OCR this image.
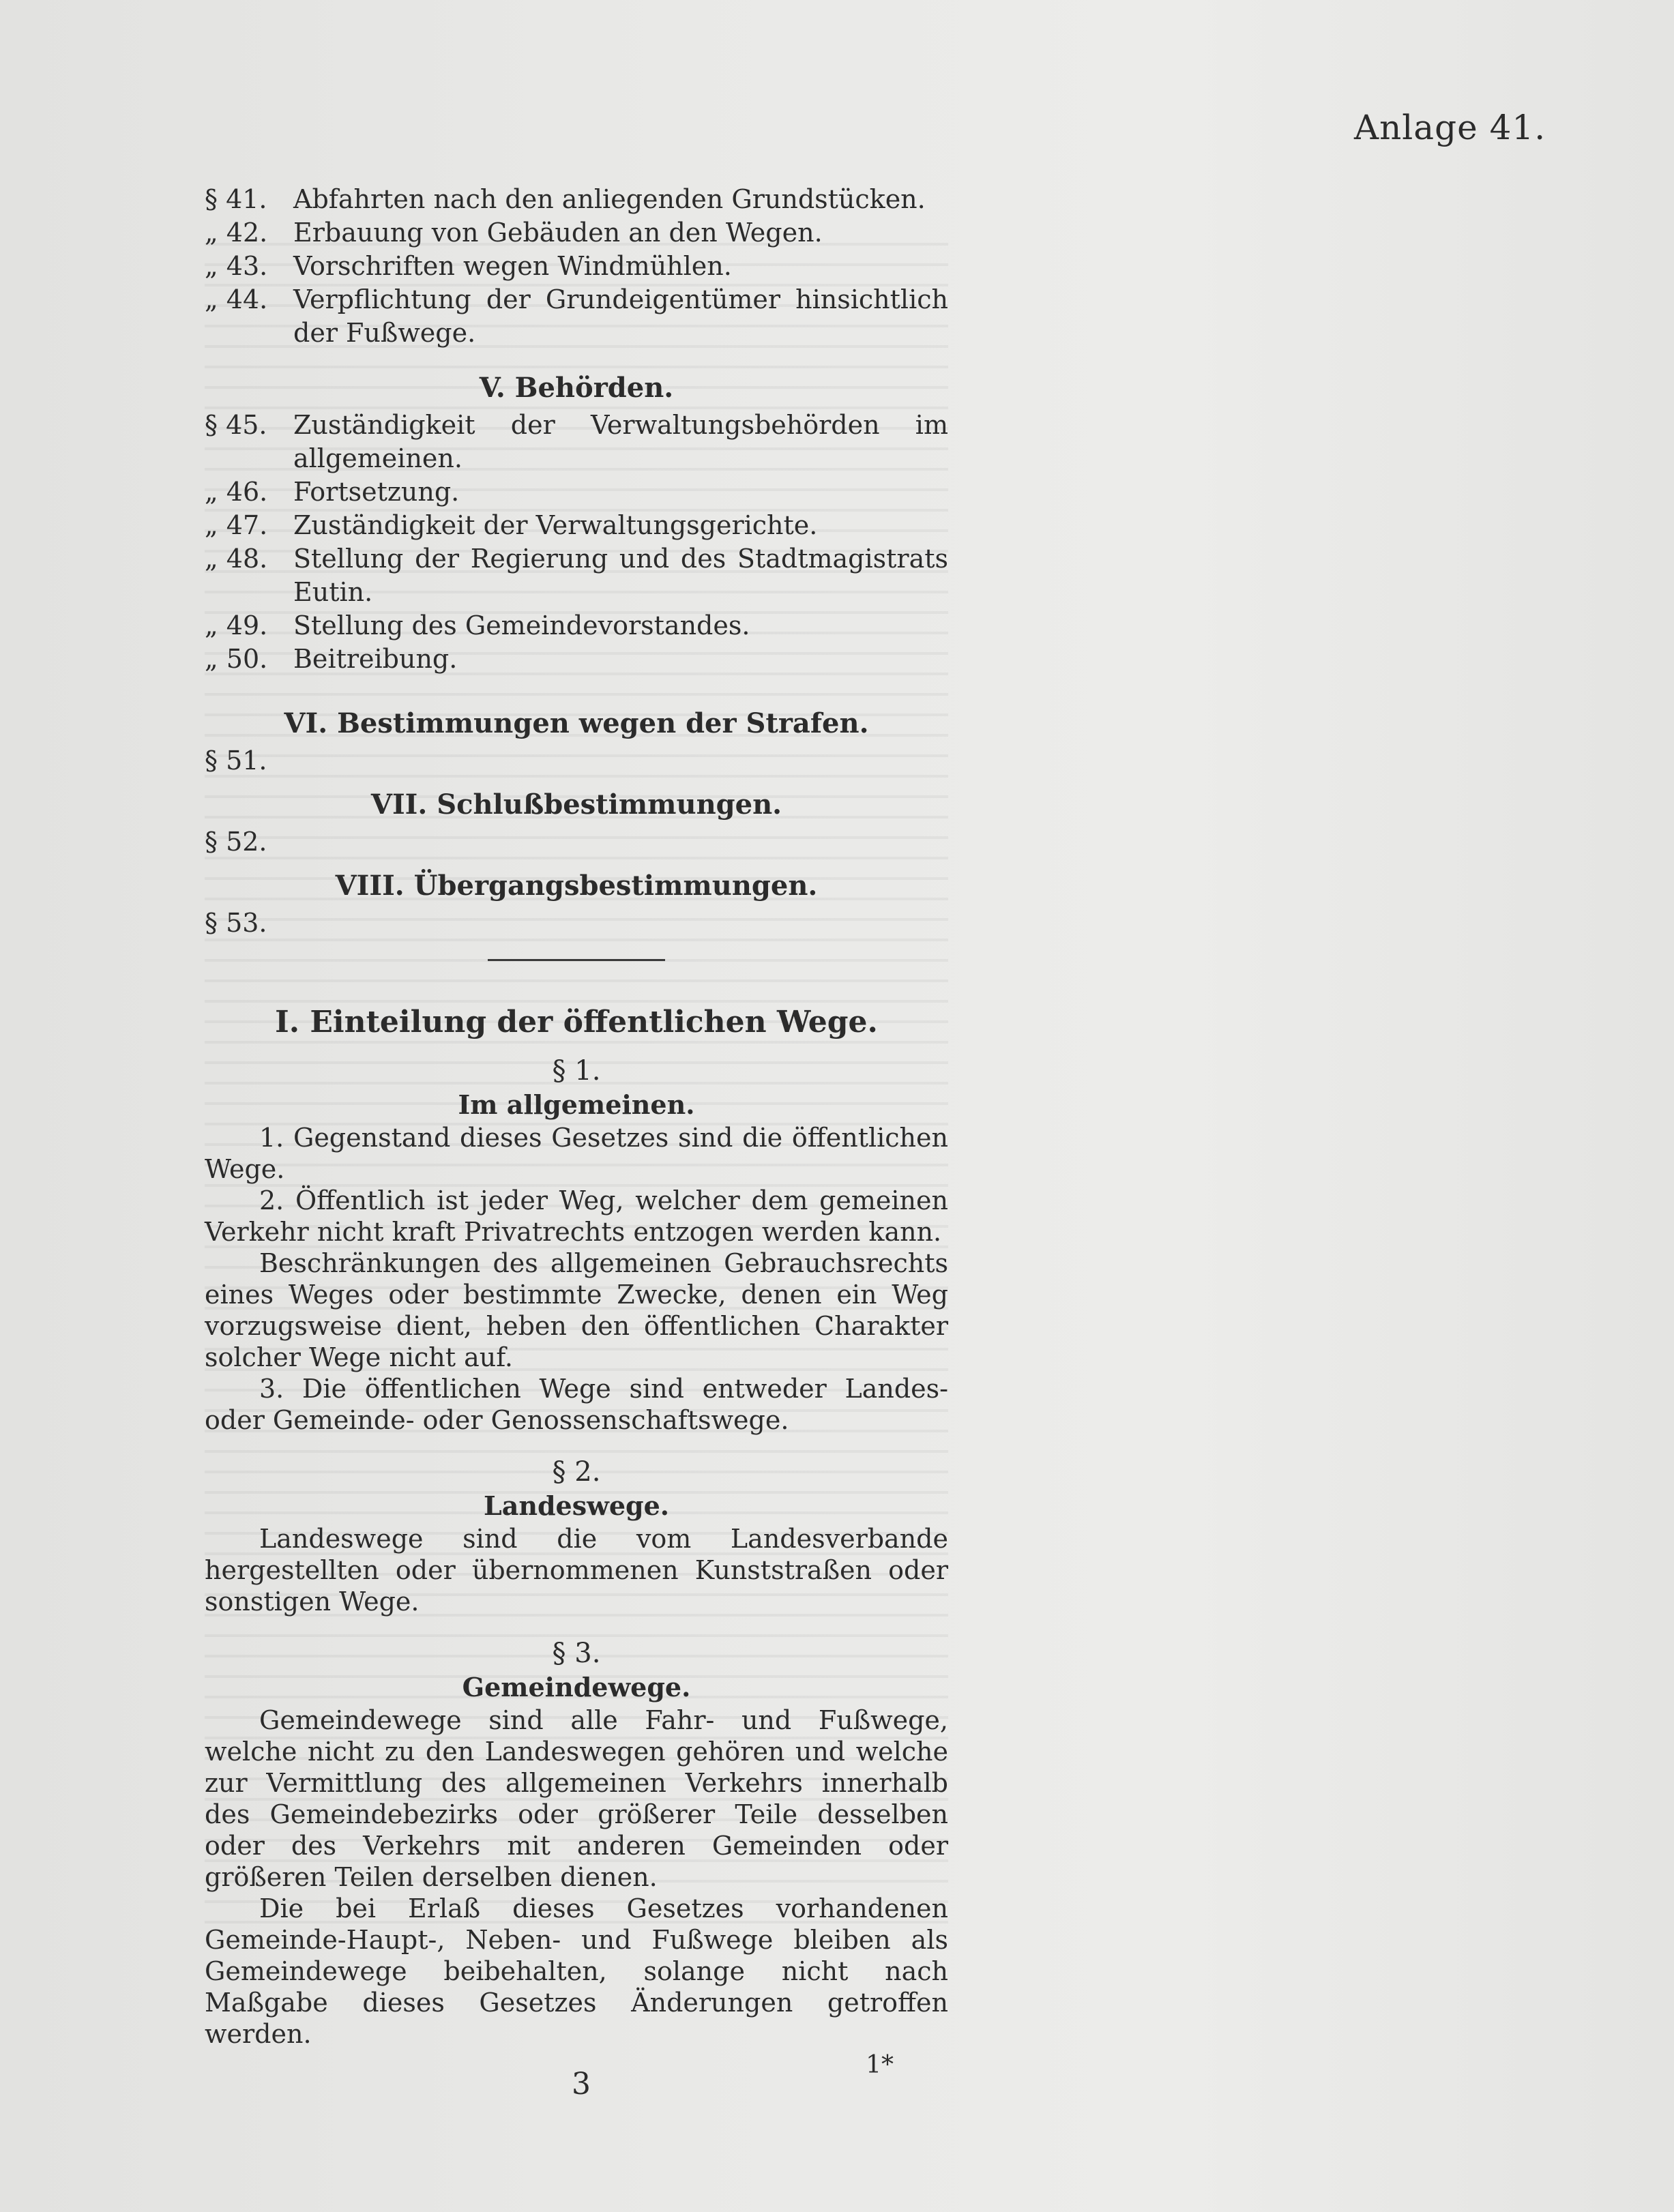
Anlage 41.
§ 41.	Abfahrten nach den anliegenden Grundstücken.
„ 42. Erbauung von Gebäuden an den Wegen.
„ 43. Vorschriften wegen Windmühlen.
„ 44. Verpflichtung der Grundeigentümer hinsichtlich der Fußwege.
V. Behörden.
§ 45.	Zuständigkeit der Verwaltungsbehörden im allgemeinen.
„ 46. Fortsetzung.
„ 47. Zuständigkeit der Verwaltungsgerichte.
„ 48. Stellung der Regierung und des Stadtmagistrats Eutin.
„ 49. Stellung des Gemeindevorstandes.
„ 50. Beitreibung.
VI. Bestimmungen wegen der Strafen.
§ 51.
VII. Schlußbestimmungen.
§ 52.
VIII. Übergangsbestimmungen.
§ 53.
I. Einteilung der öffentlichen Wege.
§ 1.
Im allgemeinen.

1. Gegenstand dieses Gesetzes sind die öffentlichen Wege.

2. Öffentlich ist jeder Weg, welcher dem gemeinen Verkehr nicht kraft Privatrechts entzogen werden kann.

Beschränkungen des allgemeinen Gebrauchsrechts eines Weges oder bestimmte Zwecke, denen ein Weg vorzugsweise dient, heben den öffentlichen Charakter solcher Wege nicht auf.

3. Die öffentlichen Wege sind entweder Landes- oder Gemeinde- oder Genossenschaftswege.

§ 2.
Landeswege.

Landeswege sind die vom Landesverbande hergestellten oder übernommenen Kunststraßen oder sonstigen Wege.

§ 3.
Gemeindewege.

Gemeindewege sind alle Fahr- und Fußwege, welche nicht zu den Landeswegen gehören und welche zur Vermittlung des allgemeinen Verkehrs innerhalb des Gemeindebezirks oder größerer Teile desselben oder des Verkehrs mit anderen Gemeinden oder größeren Teilen derselben dienen.

Die bei Erlaß dieses Gesetzes vorhandenen Gemeinde-Haupt-, Neben- und Fußwege bleiben als Gemeindewege beibehalten, solange nicht nach Maßgabe dieses Gesetzes Änderungen getroffen werden.

1*
3
